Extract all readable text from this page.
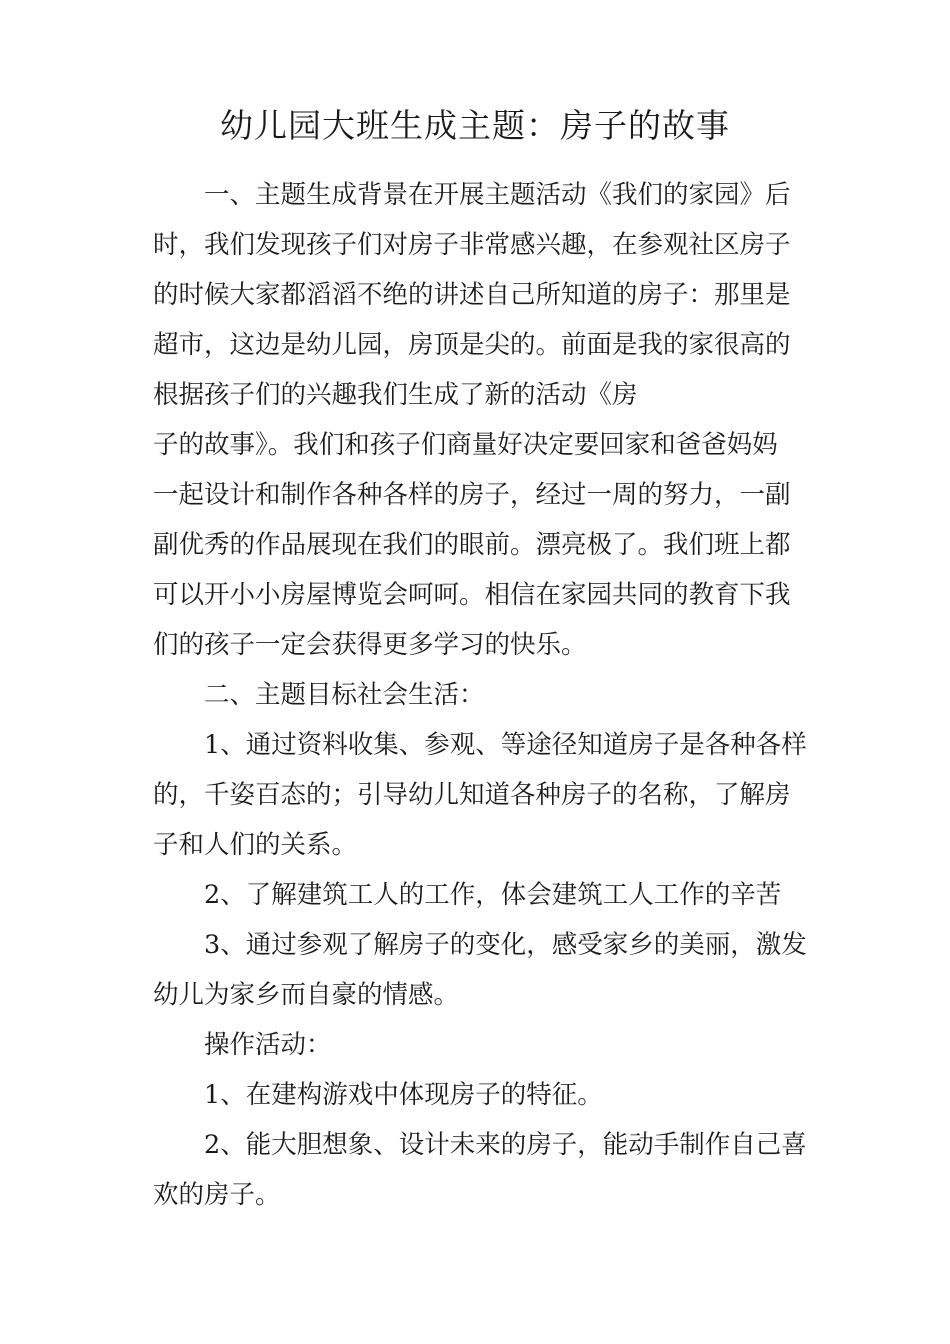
幼儿园大班生成主题：房子的故事
一、主题生成背景在开展主题活动《我们的家园》后
时，我们发现孩子们对房子非常感兴趣，在参观社区房子
的时候大家都滔滔不绝的讲述自己所知道的房子：那里是
超市，这边是幼儿园，房顶是尖的。前面是我的家很高的
根据孩子们的兴趣我们生成了新的活动《房
子的故事》。我们和孩子们商量好决定要回家和爸爸妈妈
一起设计和制作各种各样的房子，经过一周的努力，一副
副优秀的作品展现在我们的眼前。漂亮极了。我们班上都
可以开小小房屋博览会呵呵。相信在家园共同的教育下我
们的孩子一定会获得更多学习的快乐。
二、主题目标社会生活：
1、通过资料收集、参观、等途径知道房子是各种各样
的，千姿百态的；引导幼儿知道各种房子的名称，了解房
子和人们的关系。
2、了解建筑工人的工作，体会建筑工人工作的辛苦
3、通过参观了解房子的变化，感受家乡的美丽，激发
幼儿为家乡而自豪的情感。
操作活动：
1、在建构游戏中体现房子的特征。
2、能大胆想象、设计未来的房子，能动手制作自己喜
欢的房子。
